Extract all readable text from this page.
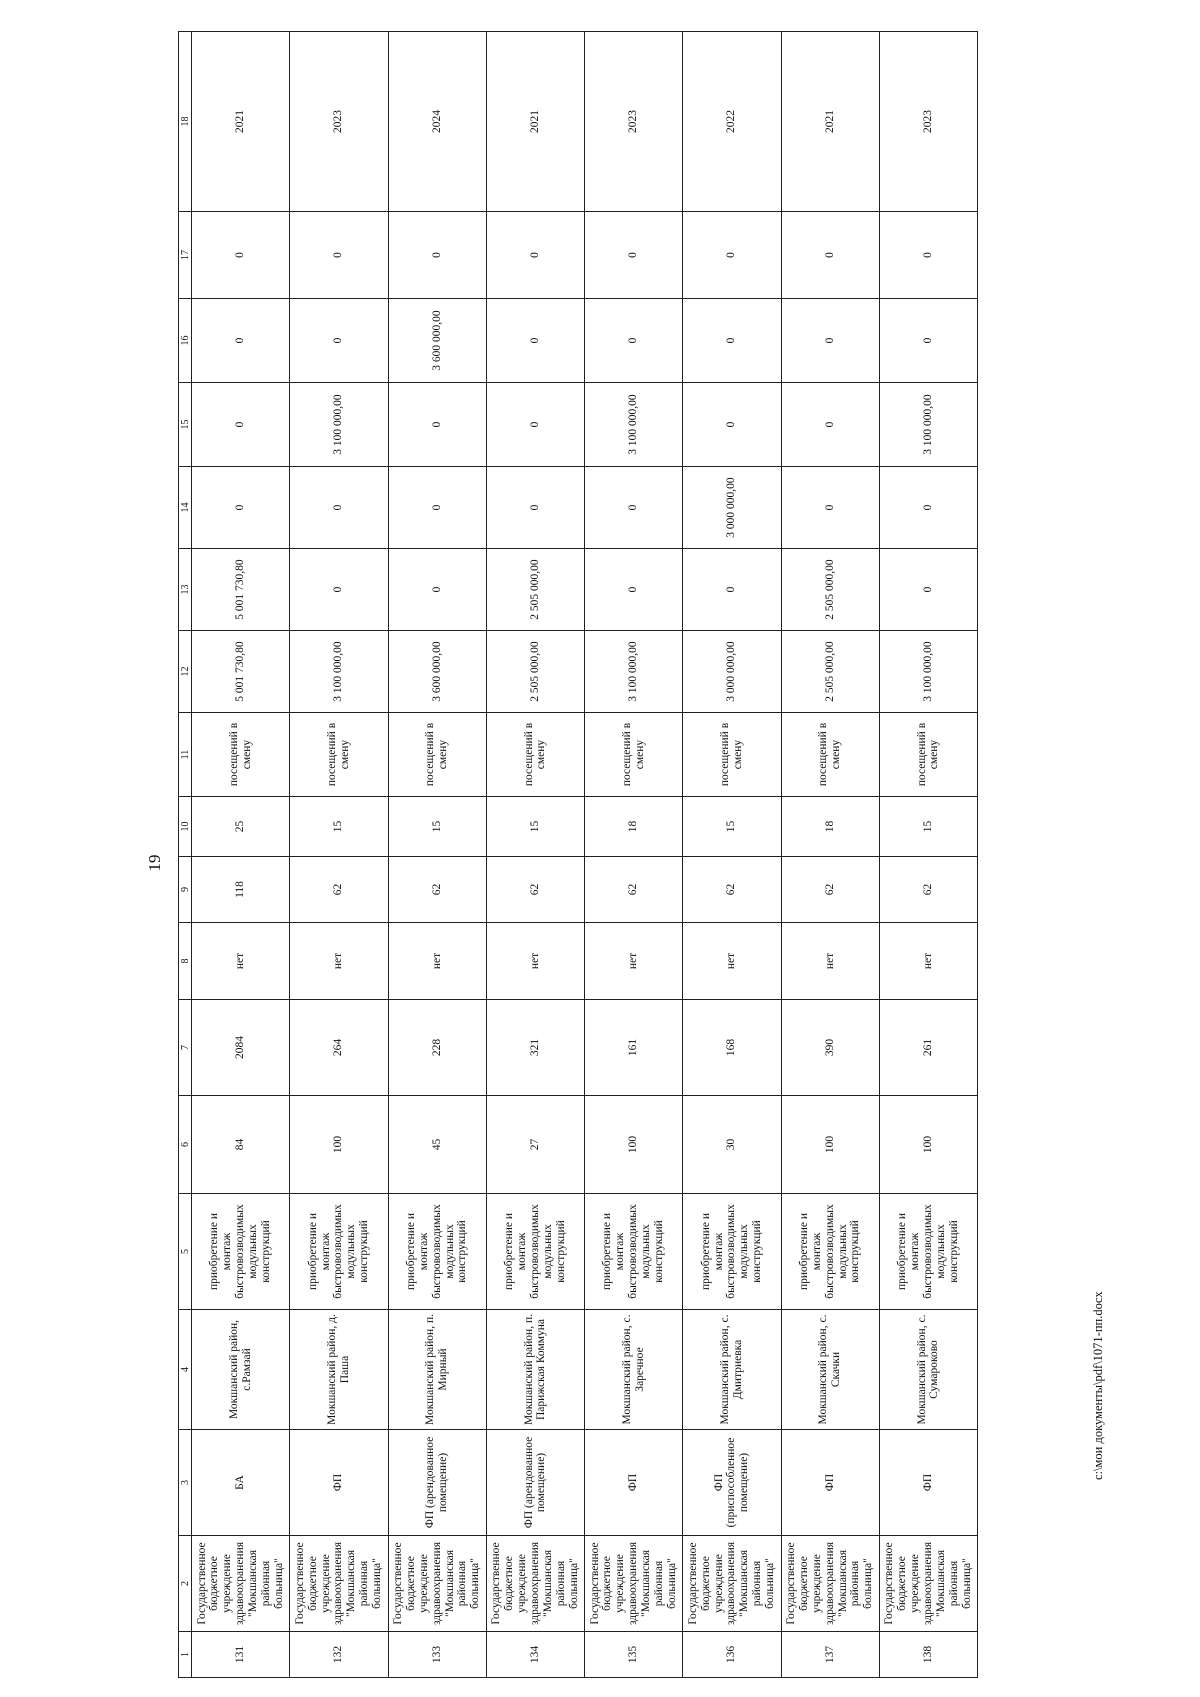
19
1	2	3	4	5	6	7	8	9	10	11	12	13	14	15	16	17	18
131	Государственное бюджетное учреждение здравоохранения "Мокшанская районная больница"	БА	Мокшанский район, с.Рамзай	приобретение и монтаж быстровозводимых модульных конструкций	84	2084	нет	118	25	посещений в смену	5 001 730,80	5 001 730,80	0	0	0	0	2021
132	Государственное бюджетное учреждение здравоохранения "Мокшанская районная больница"	ФП	Мокшанский район, д. Паша	приобретение и монтаж быстровозводимых модульных конструкций	100	264	нет	62	15	посещений в смену	3 100 000,00	0	0	3 100 000,00	0	0	2023
133	Государственное бюджетное учреждение здравоохранения "Мокшанская районная больница"	ФП (арендованное помещение)	Мокшанский район, п. Мирный	приобретение и монтаж быстровозводимых модульных конструкций	45	228	нет	62	15	посещений в смену	3 600 000,00	0	0	0	3 600 000,00	0	2024
134	Государственное бюджетное учреждение здравоохранения "Мокшанская районная больница"	ФП (арендованное помещение)	Мокшанский район, п. Парижская Коммуна	приобретение и монтаж быстровозводимых модульных конструкций	27	321	нет	62	15	посещений в смену	2 505 000,00	2 505 000,00	0	0	0	0	2021
135	Государственное бюджетное учреждение здравоохранения "Мокшанская районная больница"	ФП	Мокшанский район, с. Заречное	приобретение и монтаж быстровозводимых модульных конструкций	100	161	нет	62	18	посещений в смену	3 100 000,00	0	0	3 100 000,00	0	0	2023
136	Государственное бюджетное учреждение здравоохранения "Мокшанская районная больница"	ФП (приспособленное помещение)	Мокшанский район, с. Дмитриевка	приобретение и монтаж быстровозводимых модульных конструкций	30	168	нет	62	15	посещений в смену	3 000 000,00	0	3 000 000,00	0	0	0	2022
137	Государственное бюджетное учреждение здравоохранения "Мокшанская районная больница"	ФП	Мокшанский район, с. Скачки	приобретение и монтаж быстровозводимых модульных конструкций	100	390	нет	62	18	посещений в смену	2 505 000,00	2 505 000,00	0	0	0	0	2021
138	Государственное бюджетное учреждение здравоохранения "Мокшанская районная больница"	ФП	Мокшанский район, с. Сумароково	приобретение и монтаж быстровозводимых модульных конструкций	100	261	нет	62	15	посещений в смену	3 100 000,00	0	0	3 100 000,00	0	0	2023
c:\мои документы\pdf\1071-пп.docx
